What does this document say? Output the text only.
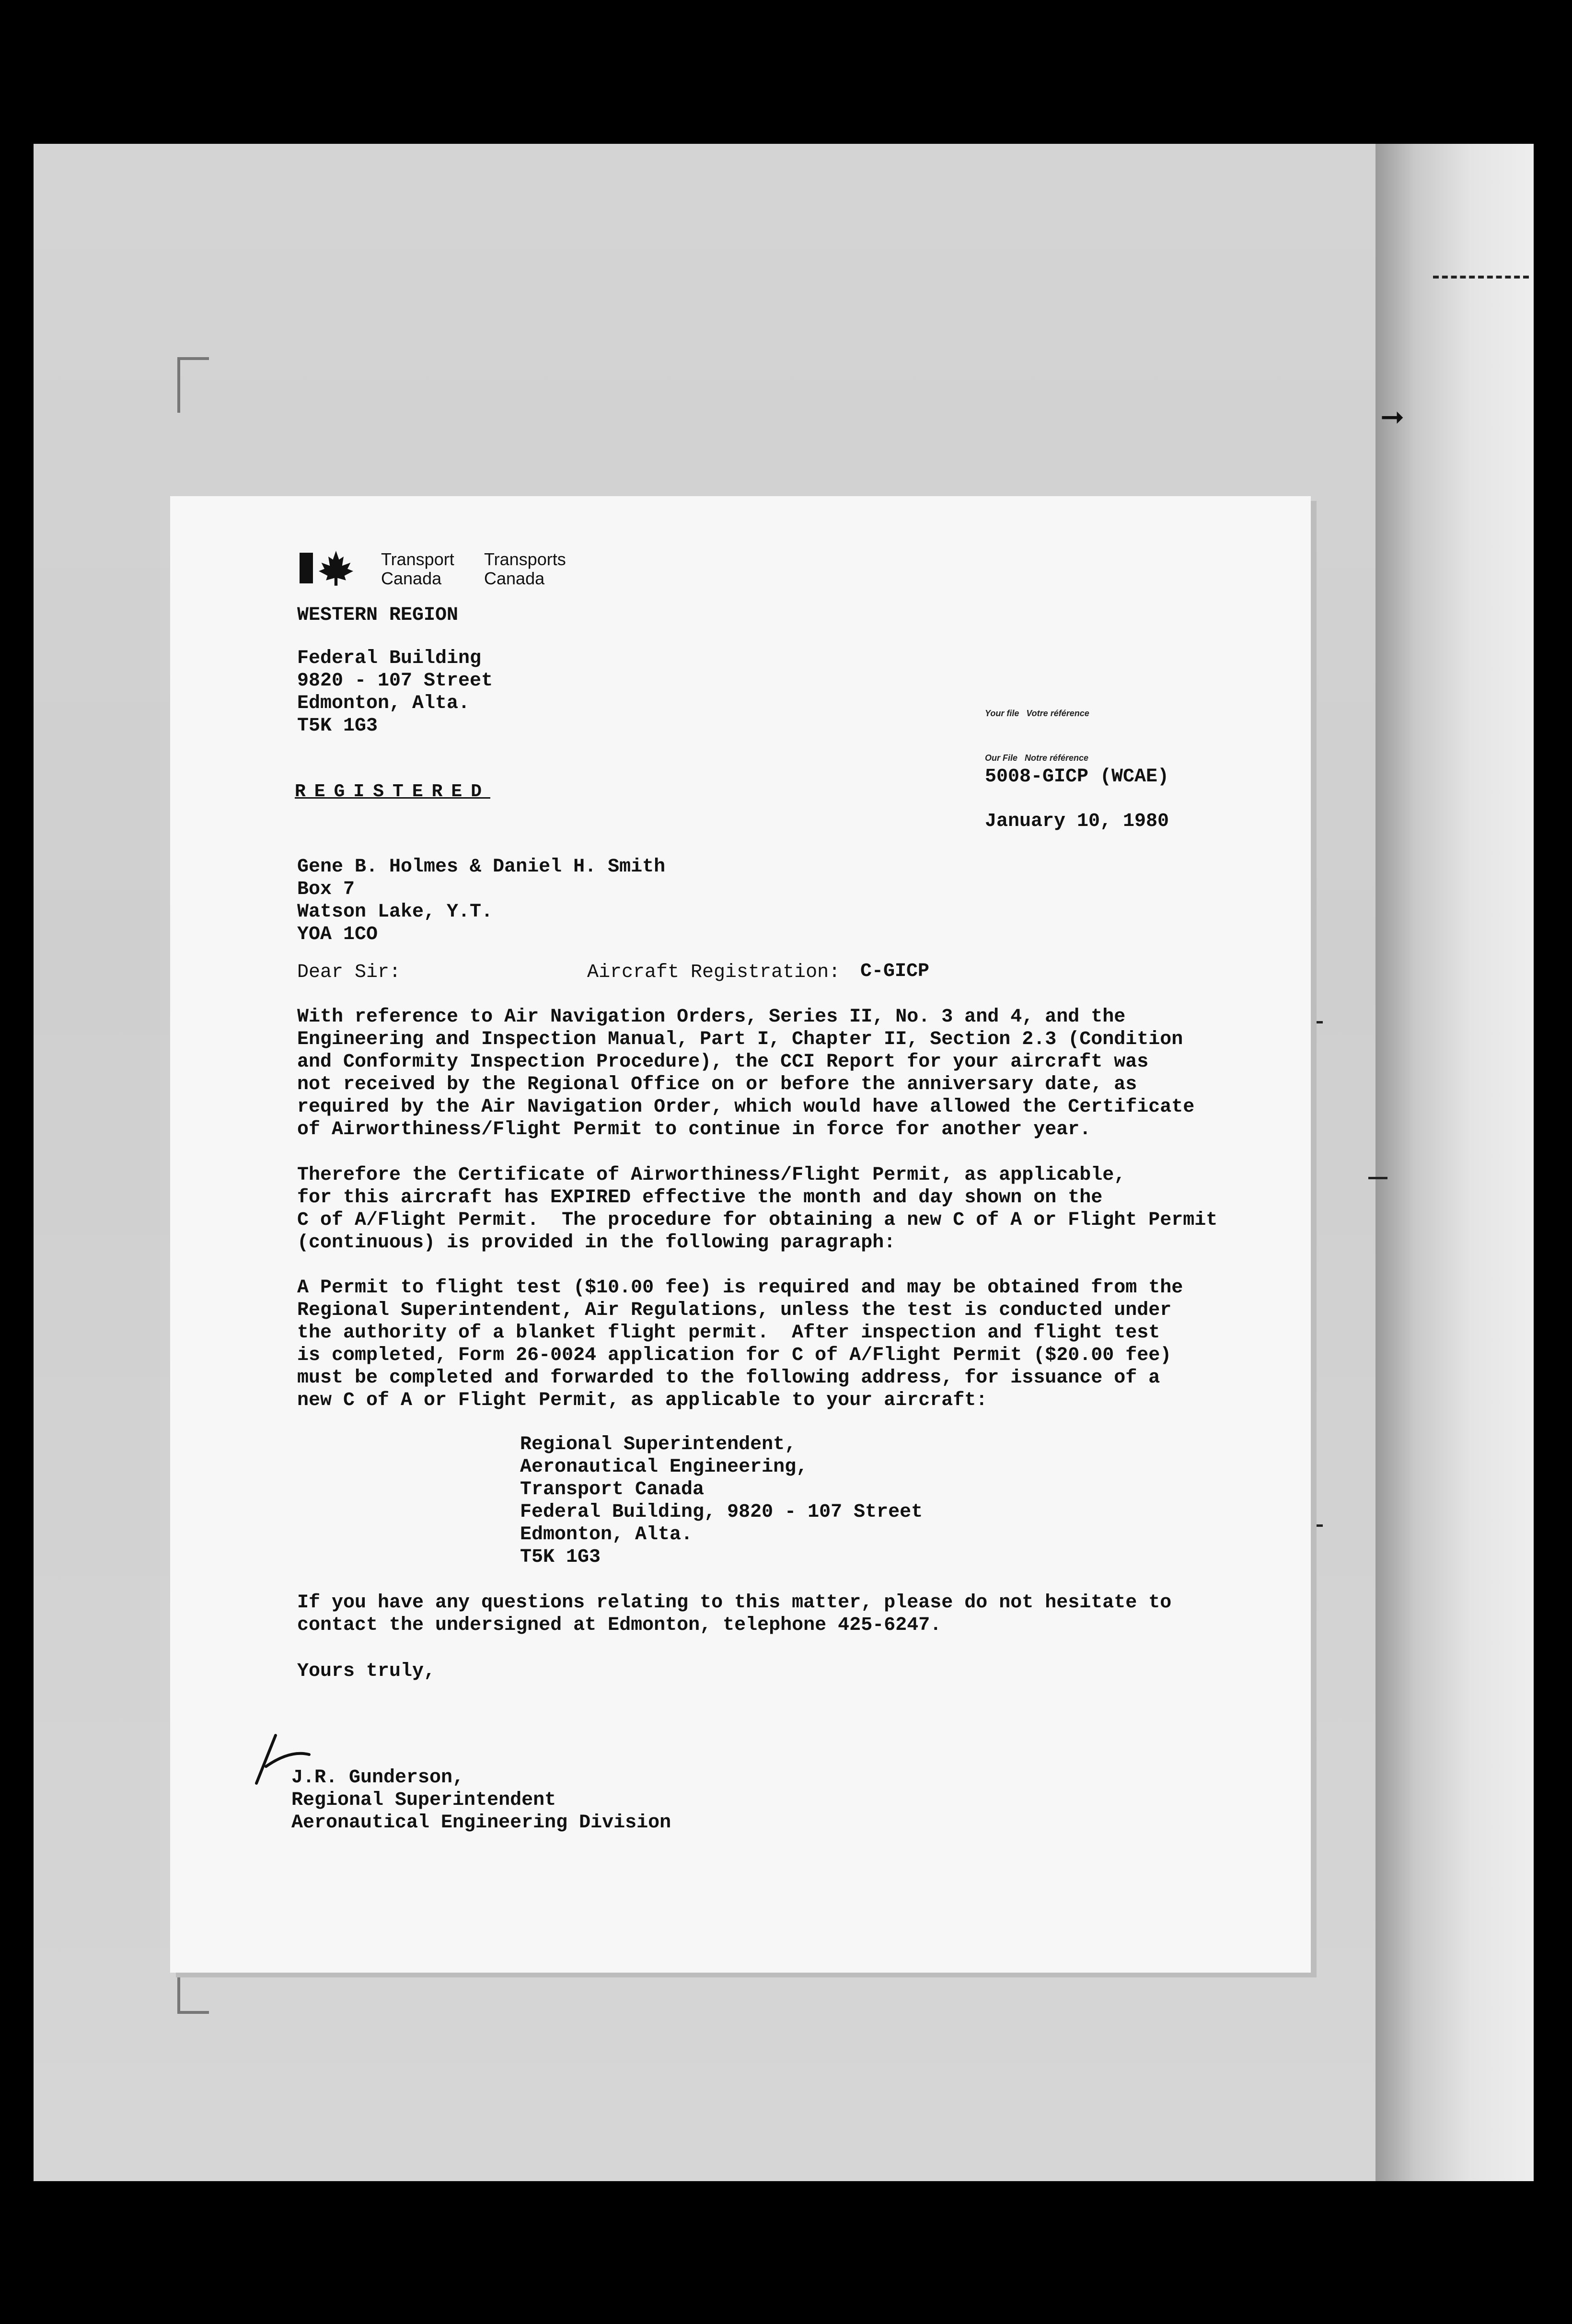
➞
Transport
Canada
Transports
Canada
WESTERN REGION
Federal Building
9820 - 107 Street
Edmonton, Alta.
T5K 1G3
Your file   Votre référence
Our File   Notre référence
5008-GICP (WCAE)
January 10, 1980
REGISTERED
Gene B. Holmes & Daniel H. Smith
Box 7
Watson Lake, Y.T.
YOA 1CO
Dear Sir:	Aircraft Registration: C-GICP
With reference to Air Navigation Orders, Series II, No. 3 and 4, and the
Engineering and Inspection Manual, Part I, Chapter II, Section 2.3 (Condition
and Conformity Inspection Procedure), the CCI Report for your aircraft was
not received by the Regional Office on or before the anniversary date, as
required by the Air Navigation Order, which would have allowed the Certificate
of Airworthiness/Flight Permit to continue in force for another year.
Therefore the Certificate of Airworthiness/Flight Permit, as applicable,
for this aircraft has EXPIRED effective the month and day shown on the
C of A/Flight Permit.  The procedure for obtaining a new C of A or Flight Permit
(continuous) is provided in the following paragraph:
A Permit to flight test ($10.00 fee) is required and may be obtained from the
Regional Superintendent, Air Regulations, unless the test is conducted under
the authority of a blanket flight permit.  After inspection and flight test
is completed, Form 26-0024 application for C of A/Flight Permit ($20.00 fee)
must be completed and forwarded to the following address, for issuance of a
new C of A or Flight Permit, as applicable to your aircraft:
Regional Superintendent,
Aeronautical Engineering,
Transport Canada
Federal Building, 9820 - 107 Street
Edmonton, Alta.
T5K 1G3
If you have any questions relating to this matter, please do not hesitate to
contact the undersigned at Edmonton, telephone 425-6247.
Yours truly,
J.R. Gunderson,
Regional Superintendent
Aeronautical Engineering Division
